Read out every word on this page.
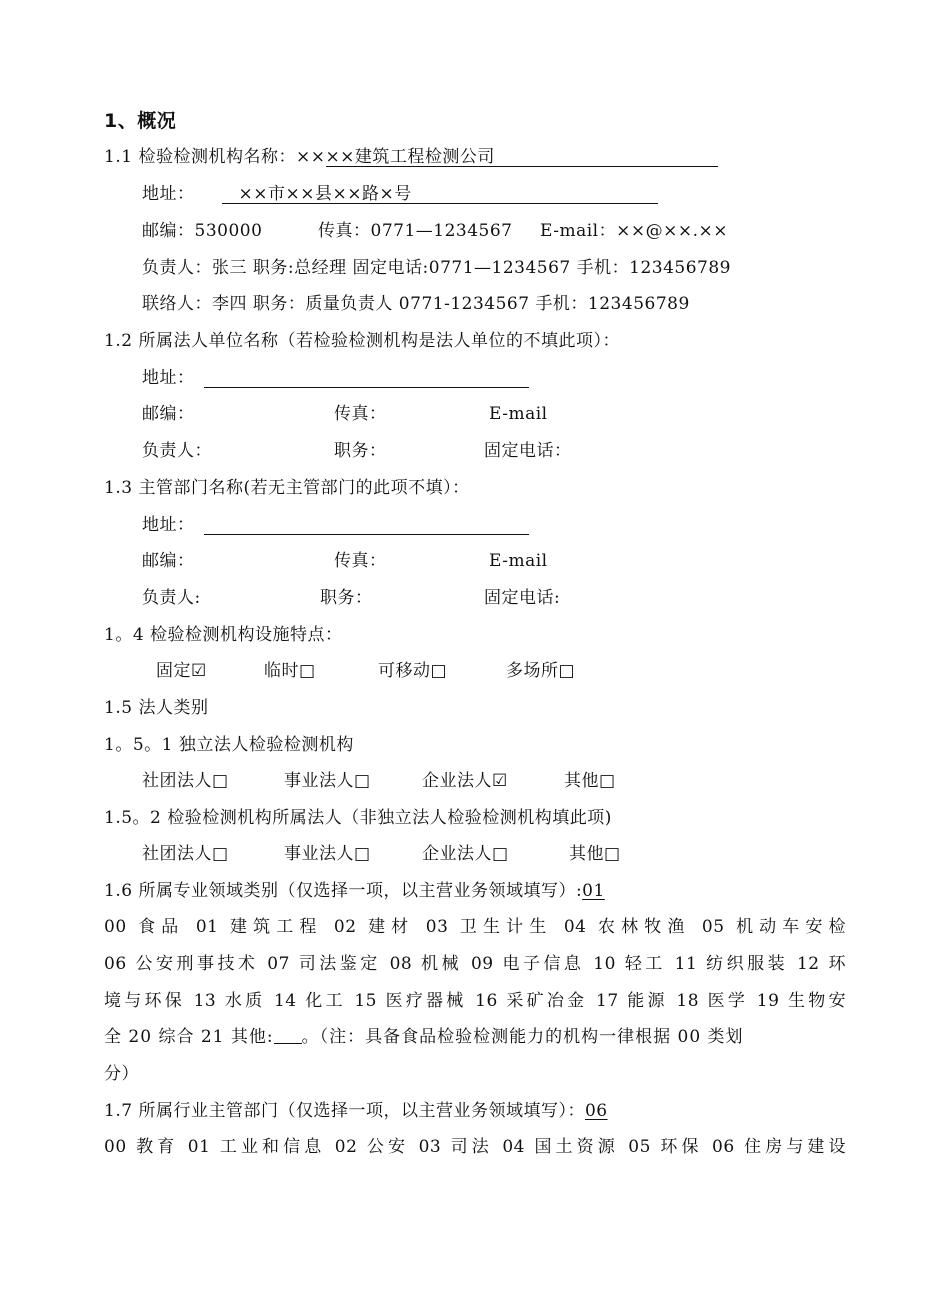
1、概况
1.1 检验检测机构名称：××××建筑工程检测公司
地址：	××市××县××路×号
邮编：530000	传真：0771—1234567 E-mail：××@××.××
负责人：张三 职务:总经理 固定电话:0771—1234567 手机：123456789
联络人：李四 职务：质量负责人 0771-1234567 手机：123456789
1.2 所属法人单位名称（若检验检测机构是法人单位的不填此项）：
地址：
邮编：	传真：	E-mail
负责人：	职务：	固定电话：
1.3 主管部门名称(若无主管部门的此项不填）：
地址：
邮编：	传真：	E-mail
负责人:	职务：	固定电话:
1。4 检验检测机构设施特点：
固定☑	临时□	可移动□	多场所□
1.5 法人类别
1。5。1 独立法人检验检测机构
社团法人□	事业法人□	企业法人☑	其他□
1.5。2 检验检测机构所属法人（非独立法人检验检测机构填此项)
社团法人□	事业法人□	企业法人□	其他□
1.6 所属专业领域类别（仅选择一项，以主营业务领域填写）:01
00 食品 01 建筑工程 02 建材 03 卫生计生 04 农林牧渔 05 机动车安检
06 公安刑事技术 07 司法鉴定 08 机械 09 电子信息 10 轻工 11 纺织服装 12 环
境与环保 13 水质 14 化工 15 医疗器械 16 采矿冶金 17 能源 18 医学 19 生物安
全 20 综合 21 其他: 。（注：具备食品检验检测能力的机构一律根据 00 类划
分）
1.7 所属行业主管部门（仅选择一项，以主营业务领域填写）：06
00 教育 01 工业和信息 02 公安 03 司法 04 国土资源 05 环保 06 住房与建设
